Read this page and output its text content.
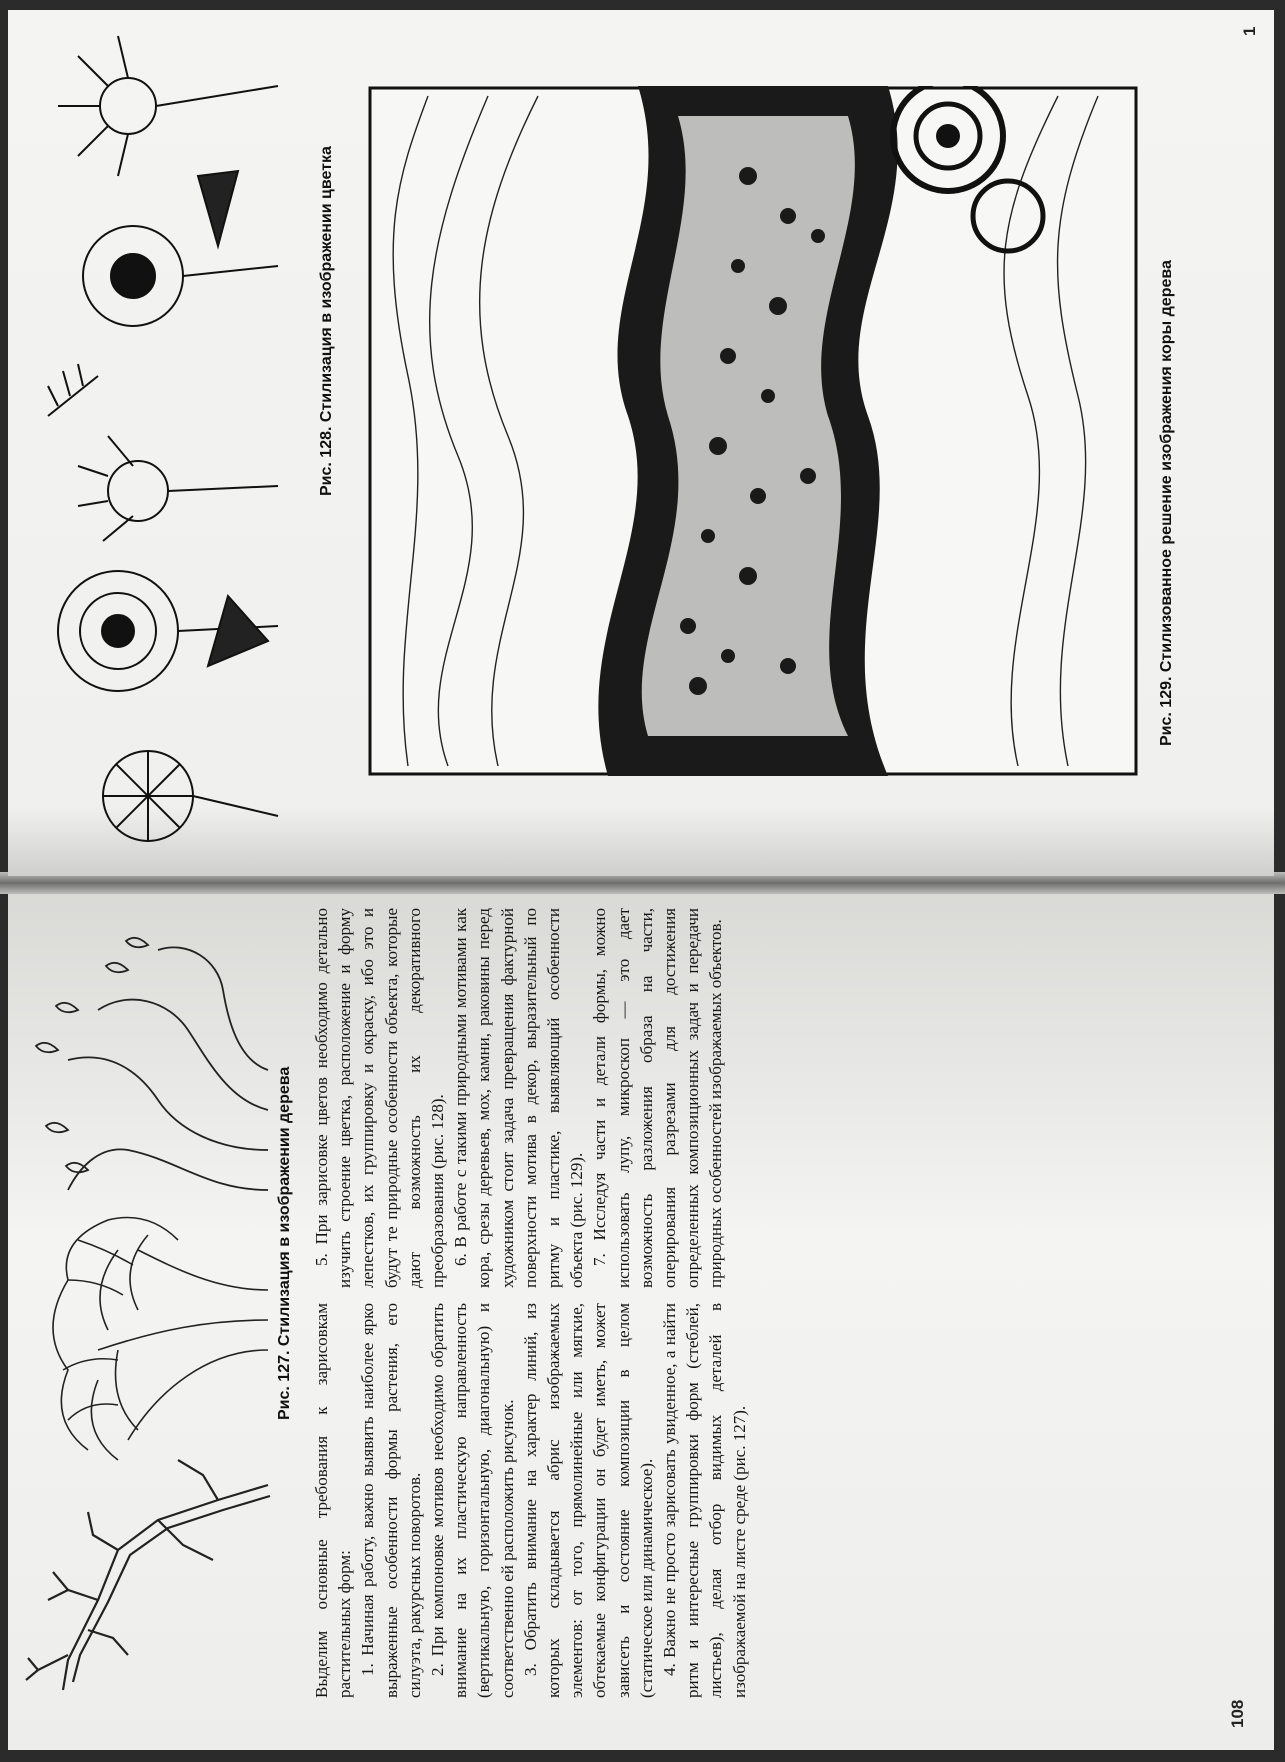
Рис. 127. Стилизация в изображении дерева

Выделим основные требования к зарисовкам растительных форм: 1. Начиная работу, важно выявить наиболее ярко выраженные особенности формы растения, его силуэта, ракурсных поворотов. 2. При компоновке мотивов необходимо обратить внимание на их пластическую направленность (вертикальную, горизонтальную, диагональную) и соответственно ей расположить рисунок. 3. Обратить внимание на характер линий, из которых складывается абрис изображаемых элементов: от того, прямолинейные или мягкие, обтекаемые конфигурации он будет иметь, может зависеть и состояние композиции в целом (статическое или динамическое). 4. Важно не просто зарисовать увиденное, а найти ритм и интересные группировки форм (стеблей, листьев), делая отбор видимых деталей в изображаемой на листе среде (рис. 127).

5. При зарисовке цветов необходимо детально изучить строение цветка, расположение и форму лепестков, их группировку и окраску, ибо это и будут те природные особенности объекта, которые дают возможность их декоративного преобразования (рис. 128). 6. В работе с такими природными мотивами как кора, срезы деревьев, мох, камни, раковины перед художником стоит задача превращения фактурной поверхности мотива в декор, выразительный по ритму и пластике, выявляющий особенности объекта (рис. 129). 7. Исследуя части и детали формы, можно использовать лупу, микроскоп — это дает возможность разложения образа на части, оперирования разрезами для достижения определенных композиционных задач и передачи природных особенностей изображаемых объектов.

108
Рис. 128. Стилизация в изображении цветка	Рис. 129. Стилизованное решение изображения коры дерева
1
